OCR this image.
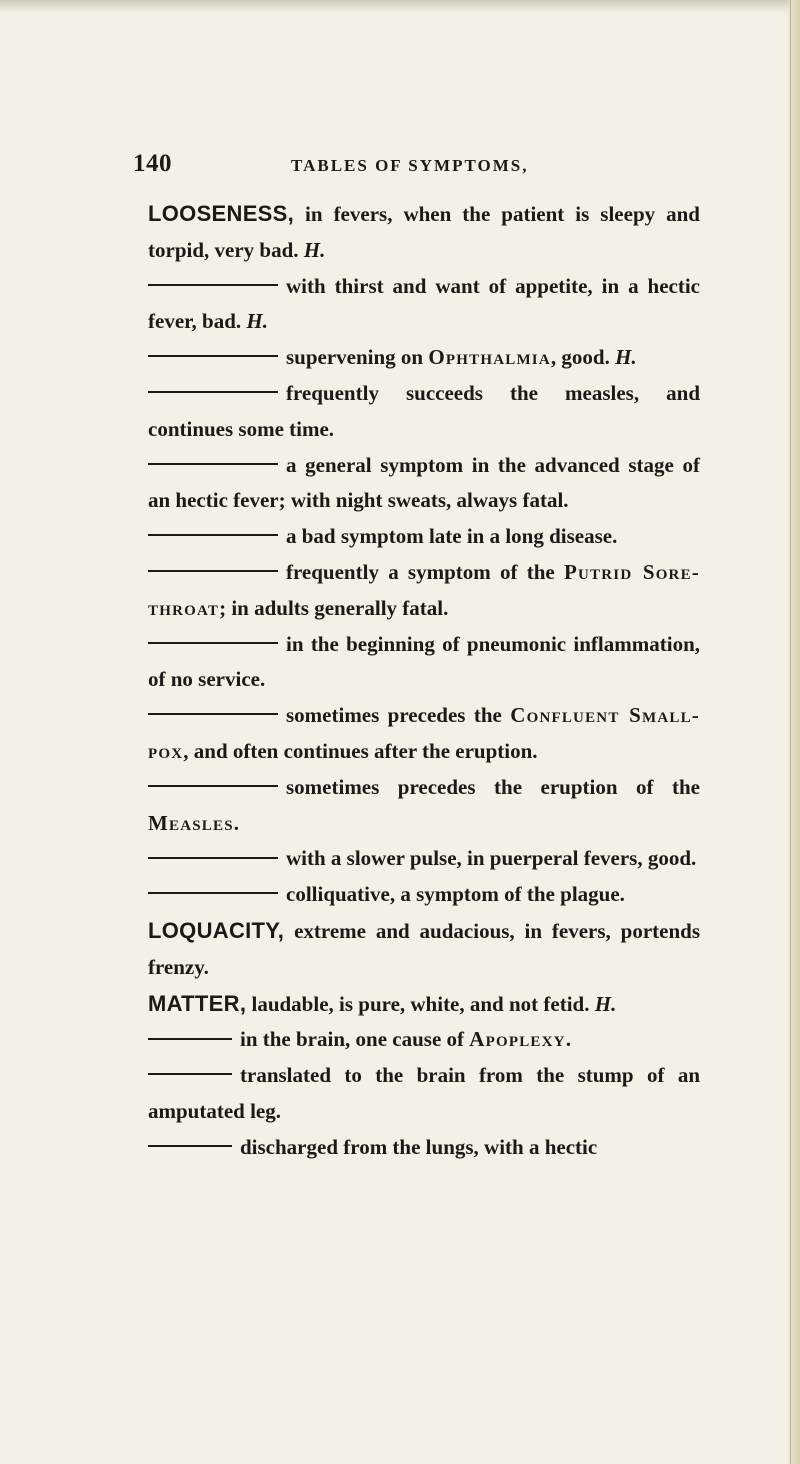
140	TABLES OF SYMPTOMS,

LOOSENESS, in fevers, when the patient is sleepy and torpid, very bad. H.

with thirst and want of appetite, in a hectic fever, bad. H.

supervening on Ophthalmia, good. H.

frequently succeeds the measles, and continues some time.

a general symptom in the advanced stage of an hectic fever; with night sweats, always fatal.

a bad symptom late in a long disease.

frequently a symptom of the Putrid Sore-throat; in adults generally fatal.

in the beginning of pneumonic inflammation, of no service.

sometimes precedes the Confluent Small-pox, and often continues after the eruption.

sometimes precedes the eruption of the Measles.

with a slower pulse, in puerperal fevers, good.

colliquative, a symptom of the plague.

LOQUACITY, extreme and audacious, in fevers, portends frenzy.

MATTER, laudable, is pure, white, and not fetid. H.

in the brain, one cause of Apoplexy.

translated to the brain from the stump of an amputated leg.

discharged from the lungs, with a hectic
